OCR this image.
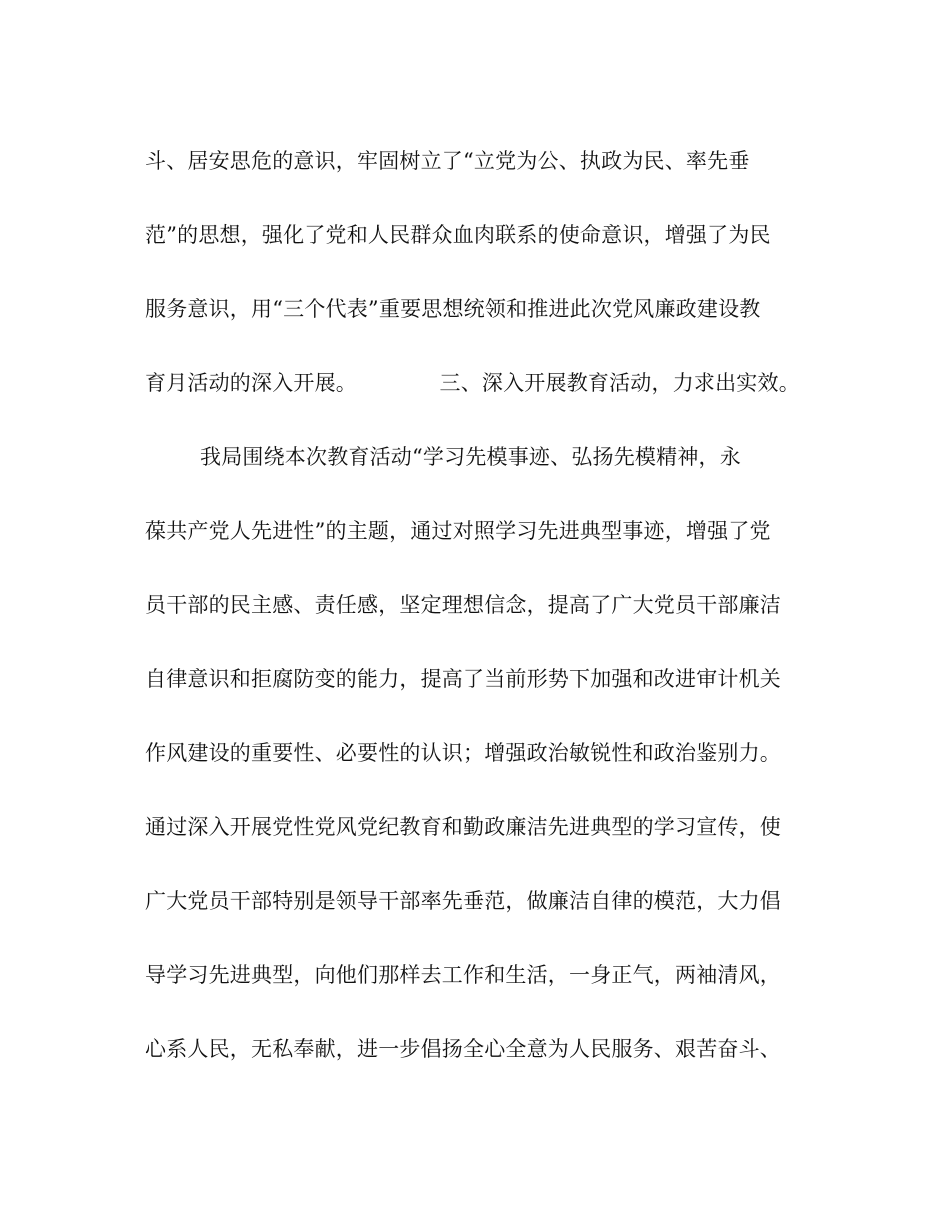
斗、居安思危的意识，牢固树立了“立党为公、执政为民、率先垂
范”的思想，强化了党和人民群众血肉联系的使命意识，增强了为民
服务意识，用“三个代表”重要思想统领和推进此次党风廉政建设教
育月活动的深入开展。            三、深入开展教育活动，力求出实效。
我局围绕本次教育活动“学习先模事迹、弘扬先模精神，永
葆共产党人先进性”的主题，通过对照学习先进典型事迹，增强了党
员干部的民主感、责任感，坚定理想信念，提高了广大党员干部廉洁
自律意识和拒腐防变的能力，提高了当前形势下加强和改进审计机关
作风建设的重要性、必要性的认识；增强政治敏锐性和政治鉴别力。
通过深入开展党性党风党纪教育和勤政廉洁先进典型的学习宣传，使
广大党员干部特别是领导干部率先垂范，做廉洁自律的模范，大力倡
导学习先进典型，向他们那样去工作和生活，一身正气，两袖清风，
心系人民，无私奉献，进一步倡扬全心全意为人民服务、艰苦奋斗、
